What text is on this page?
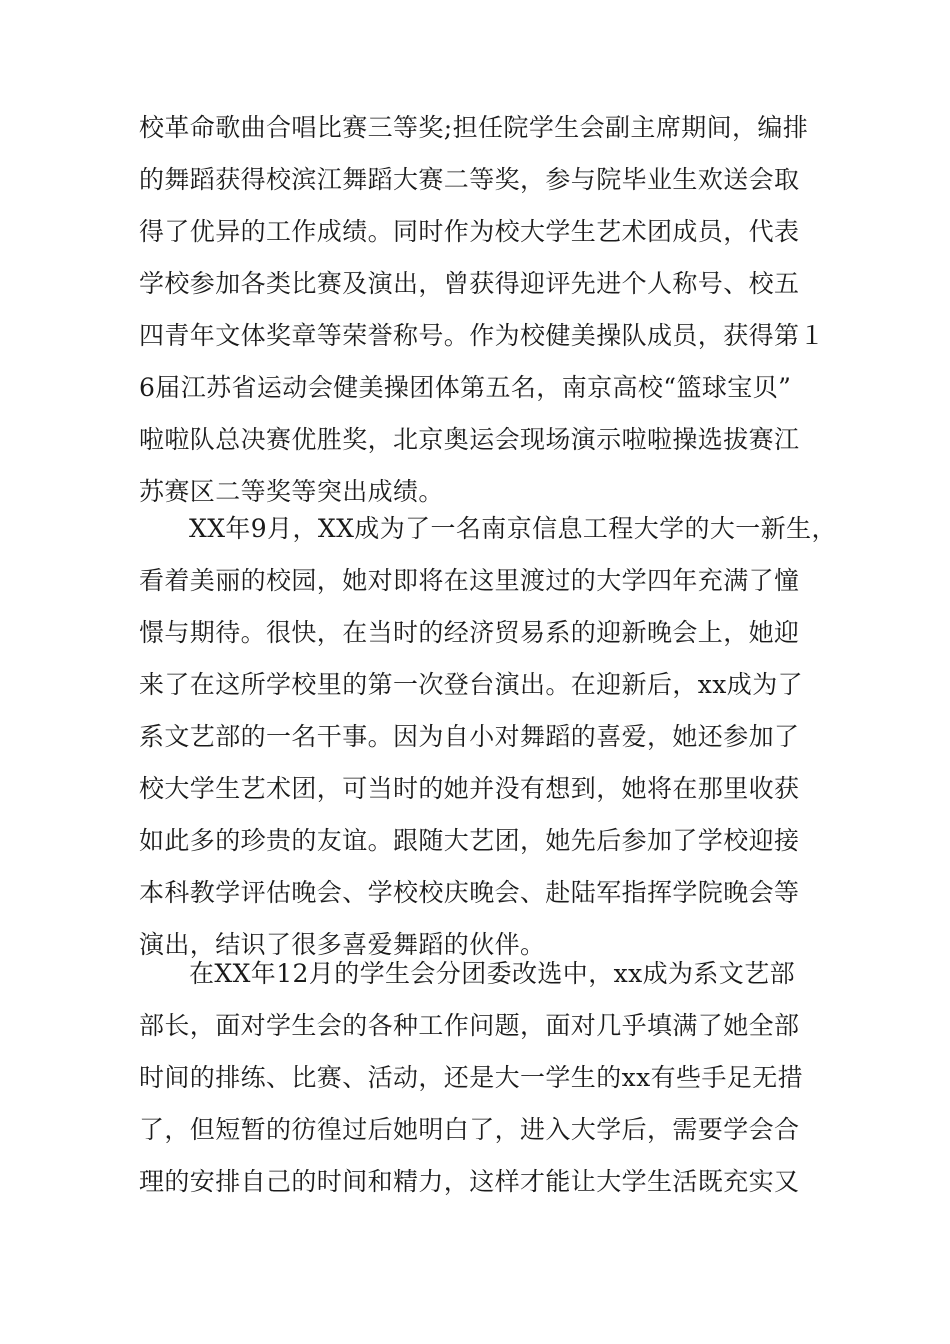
校革命歌曲合唱比赛三等奖;担任院学生会副主席期间，编排
的舞蹈获得校滨江舞蹈大赛二等奖，参与院毕业生欢送会取
得了优异的工作成绩。同时作为校大学生艺术团成员，代表
学校参加各类比赛及演出，曾获得迎评先进个人称号、校五
四青年文体奖章等荣誉称号。作为校健美操队成员，获得第１
6届江苏省运动会健美操团体第五名，南京高校“篮球宝贝”
啦啦队总决赛优胜奖，北京奥运会现场演示啦啦操选拔赛江
苏赛区二等奖等突出成绩。
XX年9月，XX成为了一名南京信息工程大学的大一新生，
看着美丽的校园，她对即将在这里渡过的大学四年充满了憧
憬与期待。很快，在当时的经济贸易系的迎新晚会上，她迎
来了在这所学校里的第一次登台演出。在迎新后，xx成为了
系文艺部的一名干事。因为自小对舞蹈的喜爱，她还参加了
校大学生艺术团，可当时的她并没有想到，她将在那里收获
如此多的珍贵的友谊。跟随大艺团，她先后参加了学校迎接
本科教学评估晚会、学校校庆晚会、赴陆军指挥学院晚会等
演出，结识了很多喜爱舞蹈的伙伴。
在XX年12月的学生会分团委改选中，xx成为系文艺部
部长，面对学生会的各种工作问题，面对几乎填满了她全部
时间的排练、比赛、活动，还是大一学生的xx有些手足无措
了，但短暂的彷徨过后她明白了，进入大学后，需要学会合
理的安排自己的时间和精力，这样才能让大学生活既充实又
